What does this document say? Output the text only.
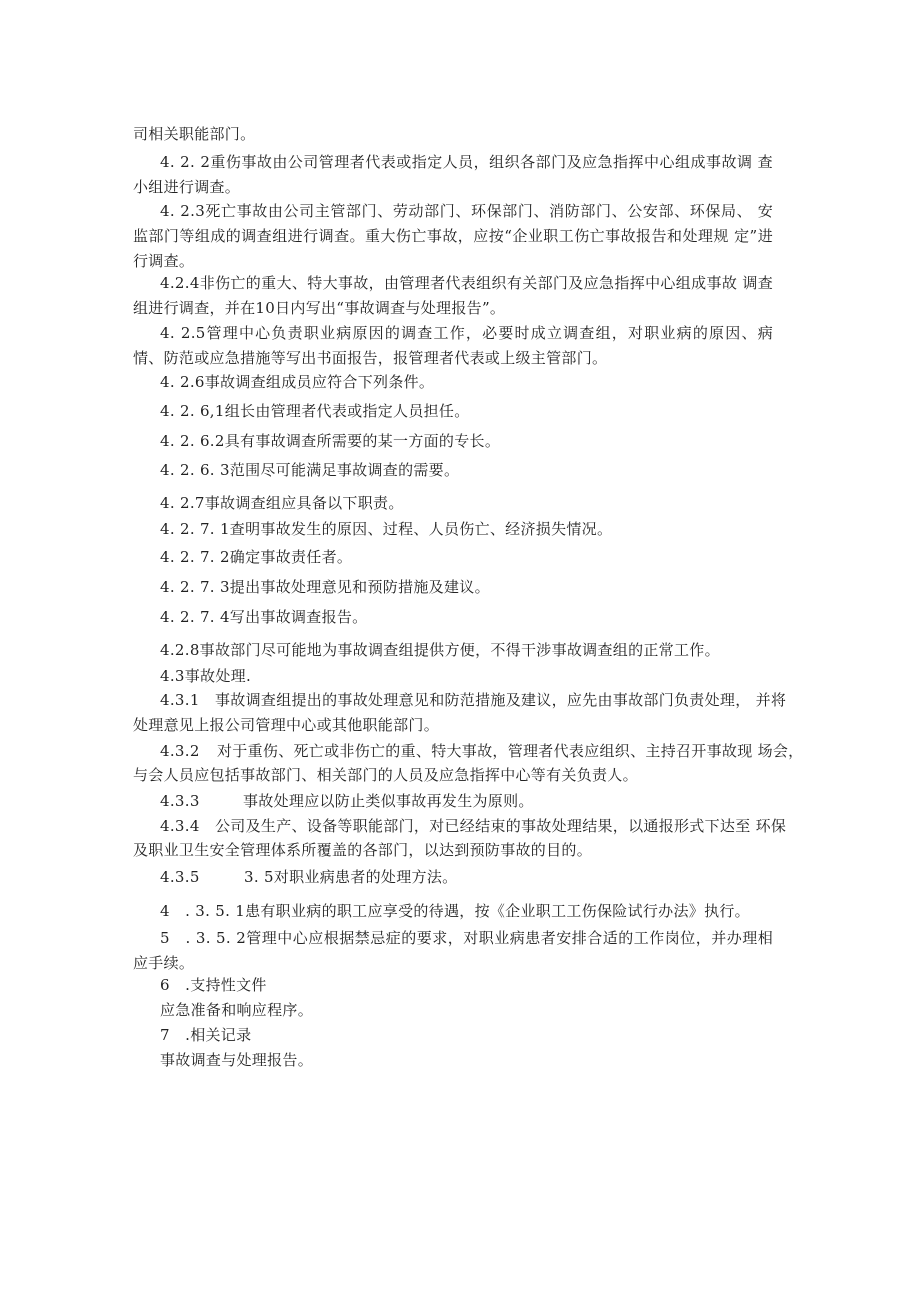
司相关职能部门。
4. 2. 2重伤事故由公司管理者代表或指定人员，组织各部门及应急指挥中心组成事故调 查小组进行调查。
4. 2.3死亡事故由公司主管部门、劳动部门、环保部门、消防部门、公安部、环保局、 安监部门等组成的调查组进行调查。重大伤亡事故，应按“企业职工伤亡事故报告和处理规 定”进行调查。
4.2.4非伤亡的重大、特大事故，由管理者代表组织有关部门及应急指挥中心组成事故 调查组进行调查，并在10日内写出“事故调查与处理报告”。
4. 2.5管理中心负责职业病原因的调查工作，必要时成立调查组，对职业病的原因、病 情、防范或应急措施等写出书面报告，报管理者代表或上级主管部门。
4. 2.6事故调查组成员应符合下列条件。
4. 2. 6,1组长由管理者代表或指定人员担任。
4. 2. 6.2具有事故调查所需要的某一方面的专长。
4. 2. 6. 3范围尽可能满足事故调查的需要。
4. 2.7事故调查组应具备以下职责。
4. 2. 7. 1查明事故发生的原因、过程、人员伤亡、经济损失情况。
4. 2. 7. 2确定事故责任者。
4. 2. 7. 3提出事故处理意见和预防措施及建议。
4. 2. 7. 4写出事故调查报告。
4.2.8事故部门尽可能地为事故调查组提供方便，不得干涉事故调查组的正常工作。
4.3事故处理.
4.3.1 事故调查组提出的事故处理意见和防范措施及建议，应先由事故部门负责处理， 并将
处理意见上报公司管理中心或其他职能部门。
4.3.2 对于重伤、死亡或非伤亡的重、特大事故，管理者代表应组织、主持召开事故现 场会，
与会人员应包括事故部门、相关部门的人员及应急指挥中心等有关负责人。
4.3.3	事故处理应以防止类似事故再发生为原则。
4.3.4 公司及生产、设备等职能部门，对已经结束的事故处理结果，以通报形式下达至 环保
及职业卫生安全管理体系所覆盖的各部门，以达到预防事故的目的。
4.3.5	3. 5对职业病患者的处理方法。
4　. 3. 5. 1患有职业病的职工应享受的待遇，按《企业职工工伤保险试行办法》执行。
5　. 3. 5. 2管理中心应根据禁忌症的要求，对职业病患者安排合适的工作岗位，并办理相 应手续。
6　.支持性文件
应急准备和响应程序。
7　.相关记录
事故调查与处理报告。
